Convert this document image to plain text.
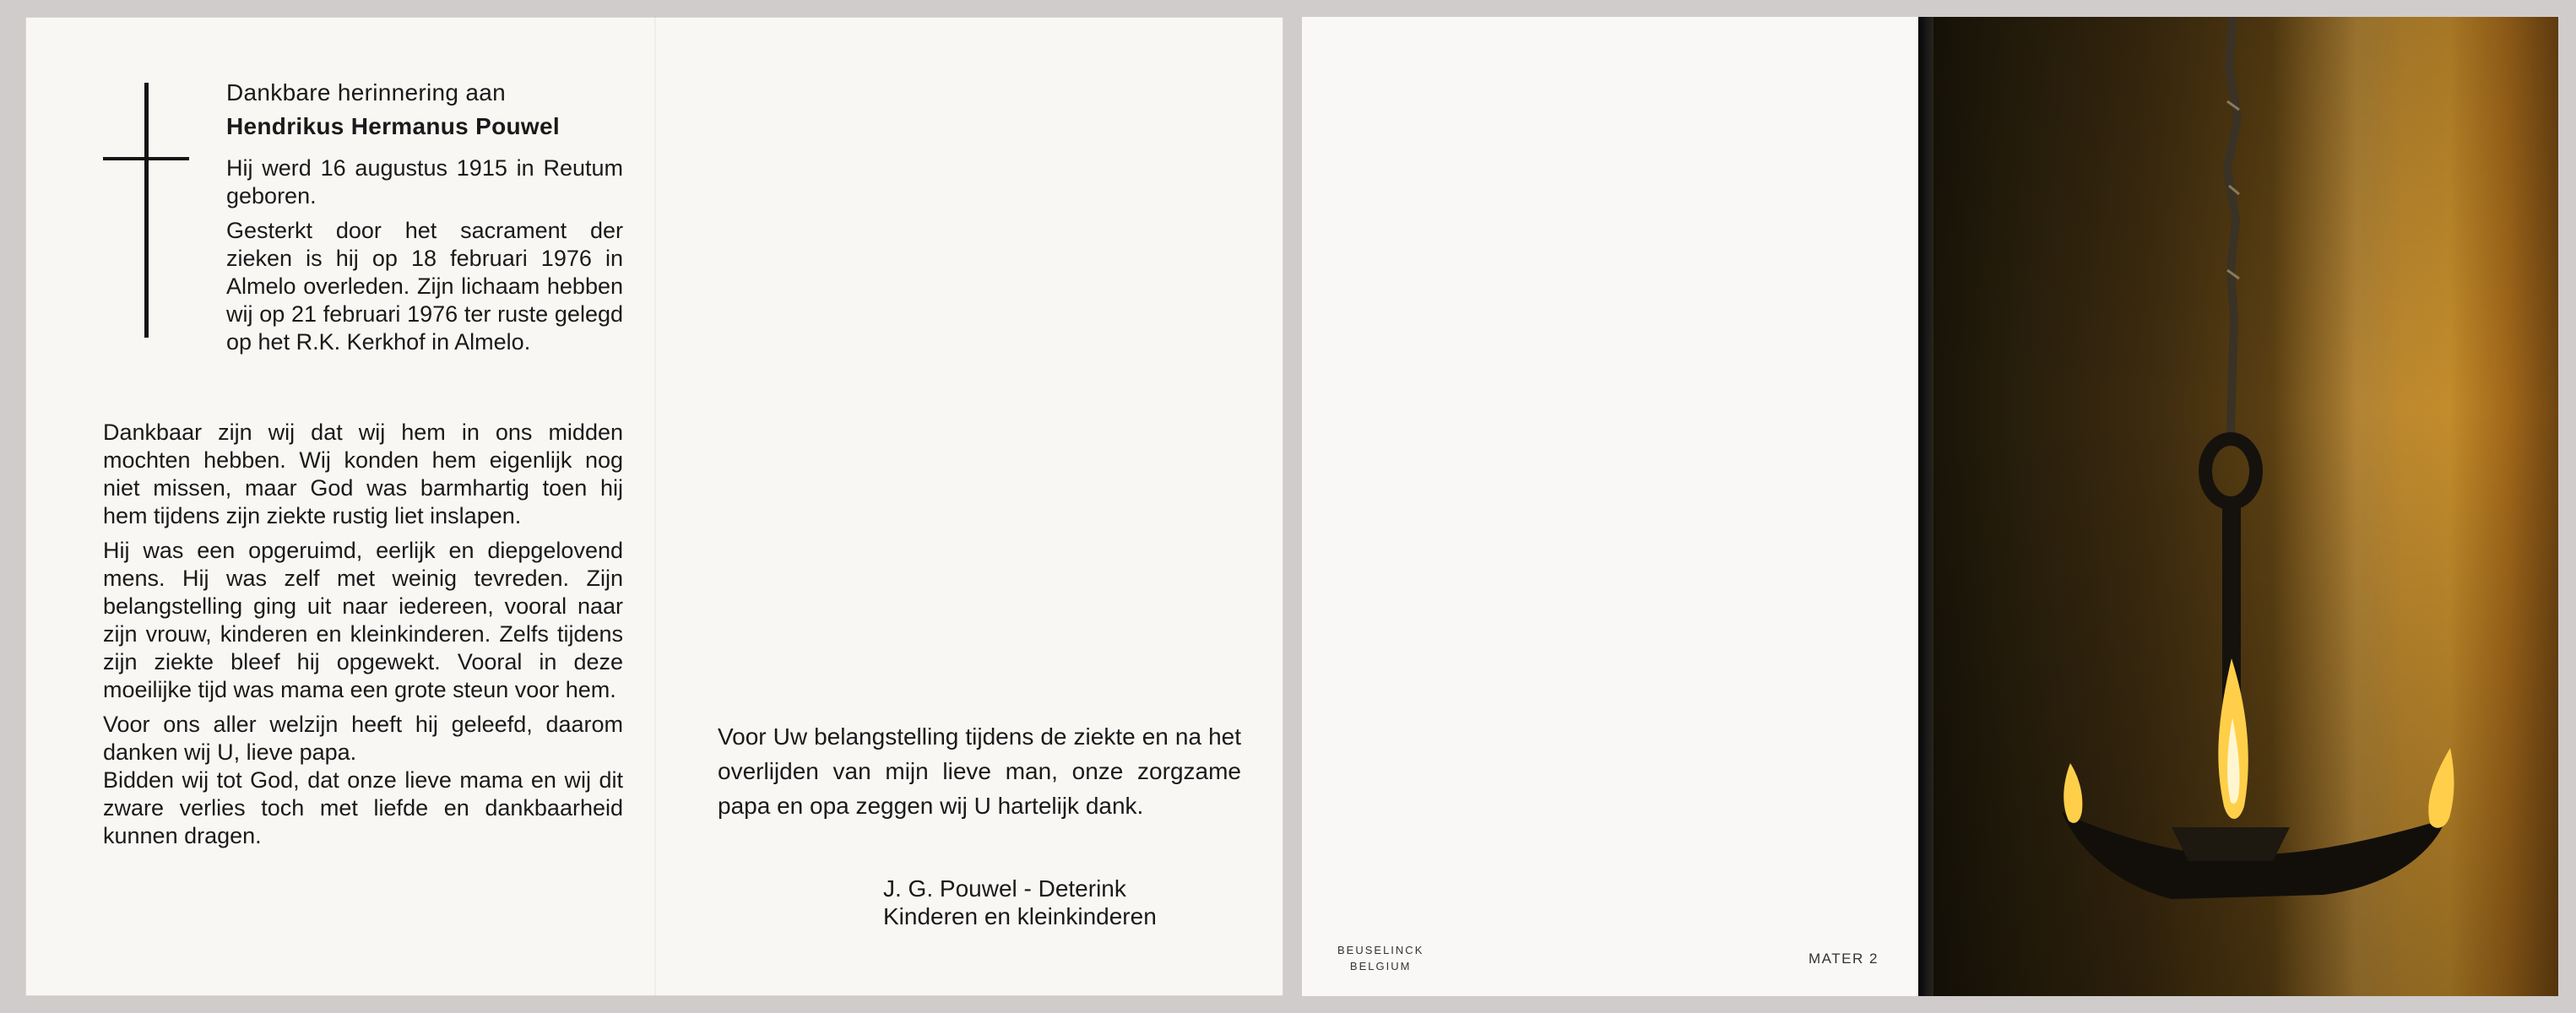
Dankbare herinnering aan
Hendrikus Hermanus Pouwel

Hij werd 16 augustus 1915 in Reutum geboren.

Gesterkt door het sacrament der zieken is hij op 18 februari 1976 in Almelo overleden. Zijn lichaam hebben wij op 21 februari 1976 ter ruste gelegd op het R.K. Kerkhof in Almelo.

Dankbaar zijn wij dat wij hem in ons midden mochten hebben. Wij konden hem eigenlijk nog niet missen, maar God was barmhartig toen hij hem tijdens zijn ziekte rustig liet inslapen.

Hij was een opgeruimd, eerlijk en diepgelovend mens. Hij was zelf met weinig tevreden. Zijn belangstelling ging uit naar iedereen, vooral naar zijn vrouw, kinderen en kleinkinderen. Zelfs tijdens zijn ziekte bleef hij opgewekt. Vooral in deze moeilijke tijd was mama een grote steun voor hem.

Voor ons aller welzijn heeft hij geleefd, daarom danken wij U, lieve papa.
Bidden wij tot God, dat onze lieve mama en wij dit zware verlies toch met liefde en dankbaarheid kunnen dragen.

Voor Uw belangstelling tijdens de ziekte en na het overlijden van mijn lieve man, onze zorgzame papa en opa zeggen wij U hartelijk dank.

J. G. Pouwel - Deterink
Kinderen en kleinkinderen
BEUSELINCK
BELGIUM	MATER 2
